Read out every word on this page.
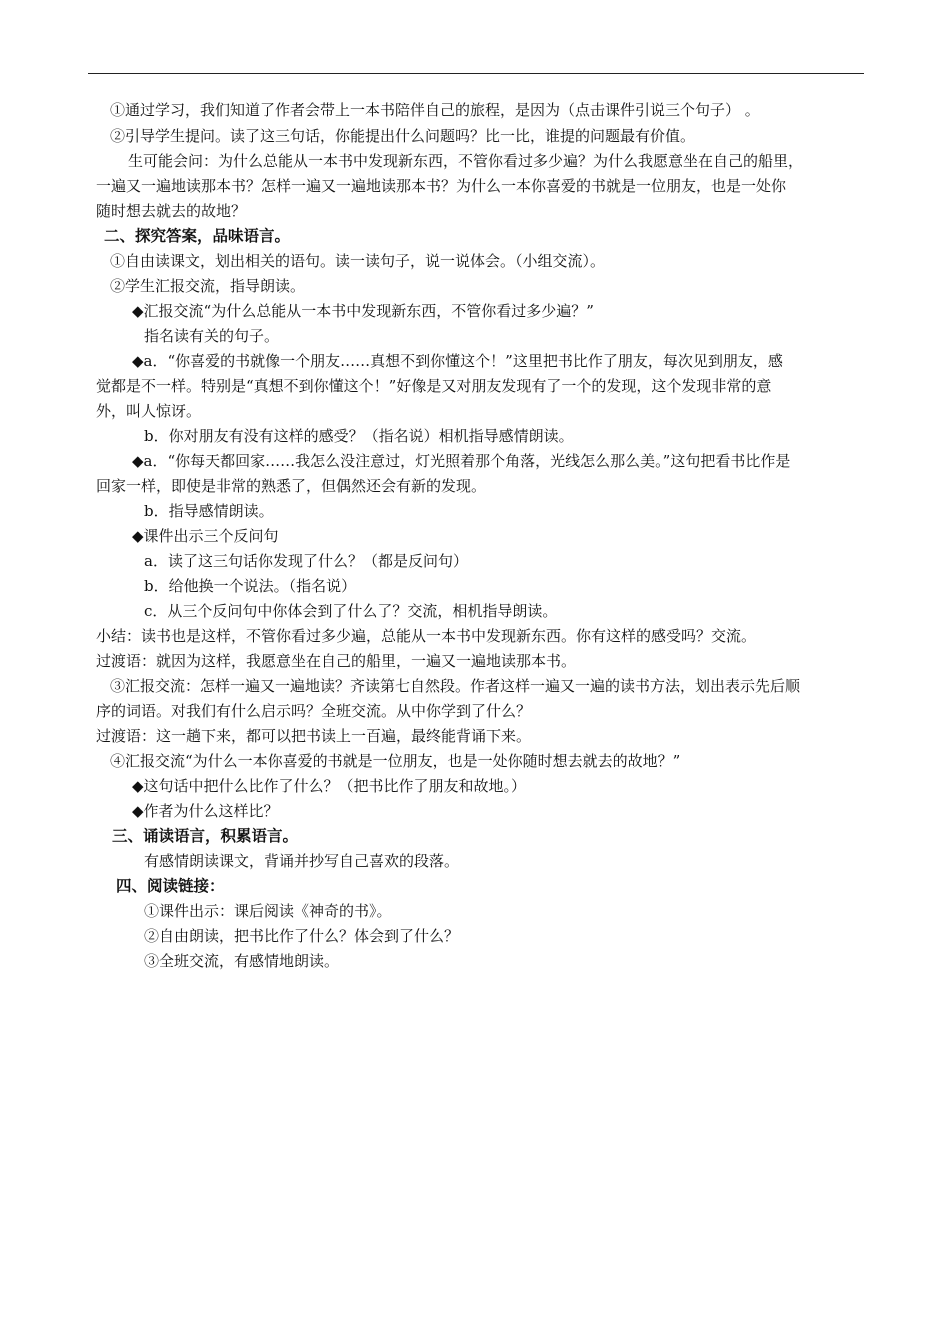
①通过学习，我们知道了作者会带上一本书陪伴自己的旅程，是因为（点击课件引说三个句子） 。
②引导学生提问。读了这三句话，你能提出什么问题吗？比一比，谁提的问题最有价值。
生可能会问：为什么总能从一本书中发现新东西，不管你看过多少遍？为什么我愿意坐在自己的船里，
一遍又一遍地读那本书？怎样一遍又一遍地读那本书？为什么一本你喜爱的书就是一位朋友，也是一处你
随时想去就去的故地？
二、探究答案，品味语言。
①自由读课文，划出相关的语句。读一读句子，说一说体会。（小组交流）。
②学生汇报交流，指导朗读。
◆汇报交流“为什么总能从一本书中发现新东西，不管你看过多少遍？”
指名读有关的句子。
◆a．“你喜爱的书就像一个朋友……真想不到你懂这个！”这里把书比作了朋友，每次见到朋友，感
觉都是不一样。特别是“真想不到你懂这个！”好像是又对朋友发现有了一个的发现，这个发现非常的意
外，叫人惊讶。
b．你对朋友有没有这样的感受？（指名说）相机指导感情朗读。
◆a．“你每天都回家……我怎么没注意过，灯光照着那个角落，光线怎么那么美。”这句把看书比作是
回家一样，即使是非常的熟悉了，但偶然还会有新的发现。
b．指导感情朗读。
◆课件出示三个反问句
a．读了这三句话你发现了什么？（都是反问句）
b．给他换一个说法。（指名说）
c．从三个反问句中你体会到了什么了？交流，相机指导朗读。
小结：读书也是这样，不管你看过多少遍，总能从一本书中发现新东西。你有这样的感受吗？交流。
过渡语：就因为这样，我愿意坐在自己的船里，一遍又一遍地读那本书。
③汇报交流：怎样一遍又一遍地读？齐读第七自然段。作者这样一遍又一遍的读书方法，划出表示先后顺
序的词语。对我们有什么启示吗？全班交流。从中你学到了什么？
过渡语：这一趟下来，都可以把书读上一百遍，最终能背诵下来。
④汇报交流“为什么一本你喜爱的书就是一位朋友，也是一处你随时想去就去的故地？”
◆这句话中把什么比作了什么？（把书比作了朋友和故地。）
◆作者为什么这样比？
三、诵读语言，积累语言。
有感情朗读课文，背诵并抄写自己喜欢的段落。
四、阅读链接：
①课件出示：课后阅读《神奇的书》。
②自由朗读，把书比作了什么？体会到了什么？
③全班交流，有感情地朗读。
